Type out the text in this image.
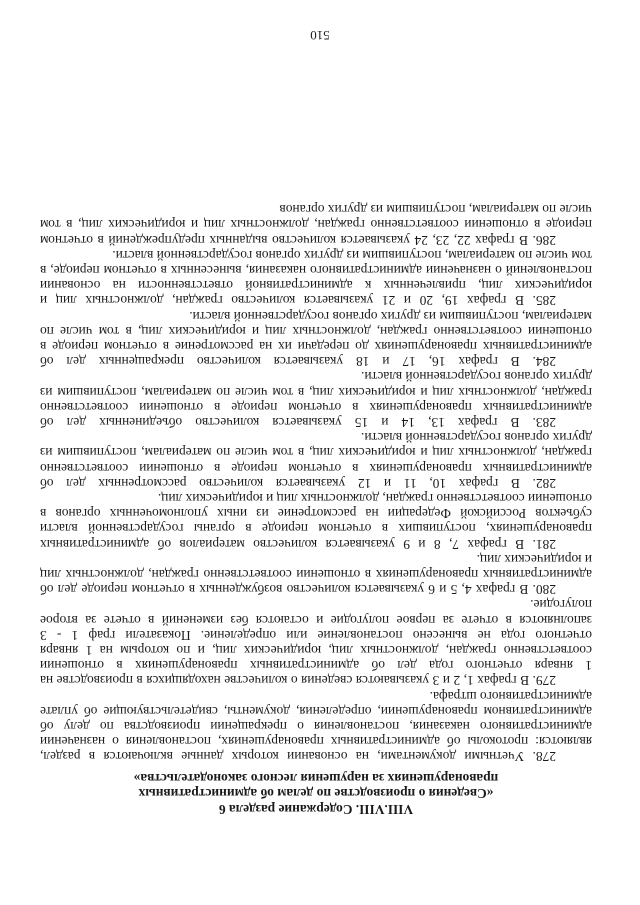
510
VIII.VIII. Содержание раздела 6
«Сведения о производстве по делам об административных
правонарушениях за нарушения лесного законодательства»

278. Учетными документами, на основании которых данные включаются в раздел, являются: протоколы об административных правонарушениях, постановления о назначении административного наказания, постановления о прекращении производства по делу об административном правонарушении, определения, документы, свидетельствующие об уплате административного штрафа.

279. В графах 1, 2 и 3 указываются сведения о количестве находящихся в производстве на 1 января отчетного года дел об административных правонарушениях в отношении соответственно граждан, должностных лиц, юридических лиц, и по которым на 1 января отчетного года не вынесено постановление или определение. Показатели граф 1 - 3 заполняются в отчете за первое полугодие и остаются без изменений в отчете за второе полугодие.

280. В графах 4, 5 и 6 указывается количество возбужденных в отчетном периоде дел об административных правонарушениях в отношении соответственно граждан, должностных лиц и юридических лиц.

281. В графах 7, 8 и 9 указывается количество материалов об административных правонарушениях, поступивших в отчетном периоде в органы государственной власти субъектов Российской Федерации на рассмотрение из иных уполномоченных органов в отношении соответственно граждан, должностных лиц и юридических лиц.

282. В графах 10, 11 и 12 указывается количество рассмотренных дел об административных правонарушениях в отчетном периоде в отношении соответственно граждан, должностных лиц и юридических лиц, в том числе по материалам, поступившим из других органов государственной власти.

283. В графах 13, 14 и 15 указывается количество объединенных дел об административных правонарушениях в отчетном периоде в отношении соответственно граждан, должностных лиц и юридических лиц, в том числе по материалам, поступившим из других органов государственной власти.

284. В графах 16, 17 и 18 указывается количество прекращенных дел об административных правонарушениях до передачи их на рассмотрение в отчетном периоде в отношении соответственно граждан, должностных лиц и юридических лиц, в том числе по материалам, поступившим из других органов государственной власти.

285. В графах 19, 20 и 21 указывается количество граждан, должностных лиц и юридических лиц, привлеченных к административной ответственности на основании постановлений о назначении административного наказания, вынесенных в отчетном периоде, в том числе по материалам, поступившим из других органов государственной власти.

286. В графах 22, 23, 24 указывается количество выданных предупреждений в отчетном периоде в отношении соответственно граждан, должностных лиц и юридических лиц, в том числе по материалам, поступившим из других органов
